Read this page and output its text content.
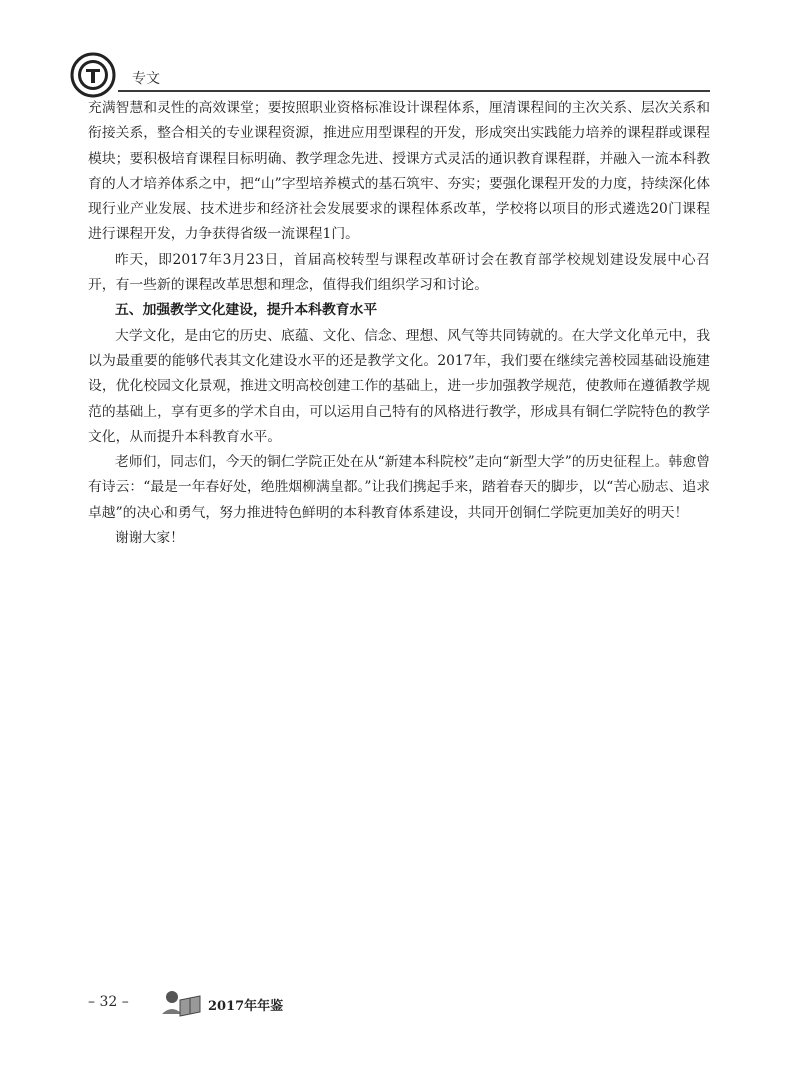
专文

充满智慧和灵性的高效课堂；要按照职业资格标准设计课程体系，厘清课程间的主次关系、层次关系和衔接关系，整合相关的专业课程资源，推进应用型课程的开发，形成突出实践能力培养的课程群或课程模块；要积极培育课程目标明确、教学理念先进、授课方式灵活的通识教育课程群，并融入一流本科教育的人才培养体系之中，把“山”字型培养模式的基石筑牢、夯实；要强化课程开发的力度，持续深化体现行业产业发展、技术进步和经济社会发展要求的课程体系改革，学校将以项目的形式遴选20门课程进行课程开发，力争获得省级一流课程1门。

昨天，即2017年3月23日，首届高校转型与课程改革研讨会在教育部学校规划建设发展中心召开，有一些新的课程改革思想和理念，值得我们组织学习和讨论。

五、加强教学文化建设，提升本科教育水平

大学文化，是由它的历史、底蕴、文化、信念、理想、风气等共同铸就的。在大学文化单元中，我以为最重要的能够代表其文化建设水平的还是教学文化。2017年，我们要在继续完善校园基础设施建设，优化校园文化景观，推进文明高校创建工作的基础上，进一步加强教学规范，使教师在遵循教学规范的基础上，享有更多的学术自由，可以运用自己特有的风格进行教学，形成具有铜仁学院特色的教学文化，从而提升本科教育水平。

老师们，同志们，今天的铜仁学院正处在从“新建本科院校”走向“新型大学”的历史征程上。韩愈曾有诗云：“最是一年春好处，绝胜烟柳满皇都。”让我们携起手来，踏着春天的脚步，以“苦心励志、追求卓越”的决心和勇气，努力推进特色鲜明的本科教育体系建设，共同开创铜仁学院更加美好的明天！

谢谢大家！

– 32 –	2017年年鉴
